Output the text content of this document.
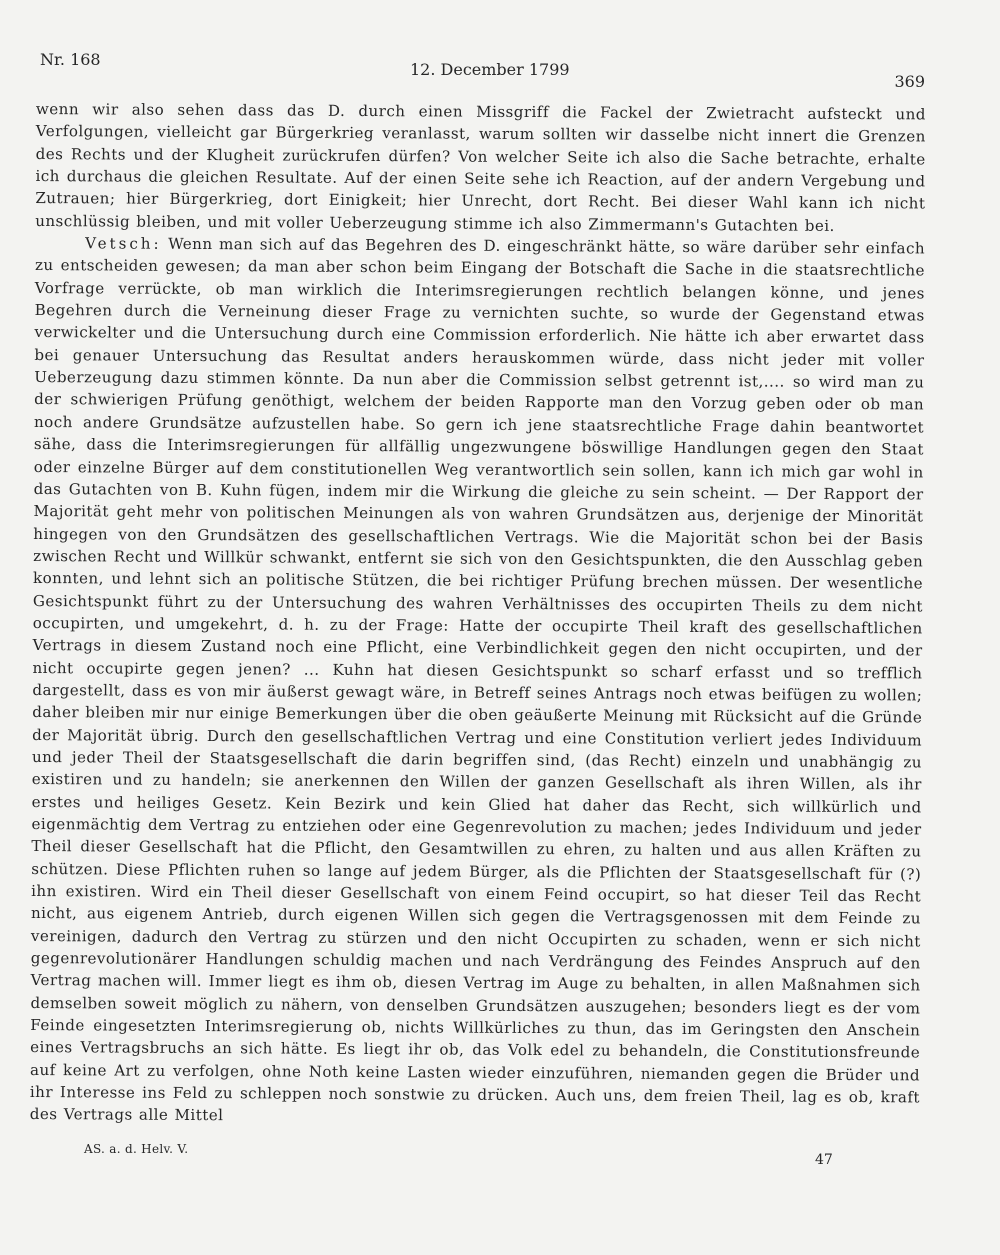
Nr. 168
12. December 1799
369

wenn wir also sehen dass das D. durch einen Missgriff die Fackel der Zwietracht aufsteckt und Verfolgungen, vielleicht gar Bürgerkrieg veranlasst, warum sollten wir dasselbe nicht innert die Grenzen des Rechts und der Klugheit zurückrufen dürfen? Von welcher Seite ich also die Sache betrachte, erhalte ich durchaus die gleichen Resultate. Auf der einen Seite sehe ich Reaction, auf der andern Vergebung und Zutrauen; hier Bürgerkrieg, dort Einigkeit; hier Unrecht, dort Recht. Bei dieser Wahl kann ich nicht unschlüssig bleiben, und mit voller Ueberzeugung stimme ich also Zimmermann's Gutachten bei.

Vetsch: Wenn man sich auf das Begehren des D. eingeschränkt hätte, so wäre darüber sehr einfach zu entscheiden gewesen; da man aber schon beim Eingang der Botschaft die Sache in die staatsrechtliche Vorfrage verrückte, ob man wirklich die Interimsregierungen rechtlich belangen könne, und jenes Begehren durch die Verneinung dieser Frage zu vernichten suchte, so wurde der Gegenstand etwas verwickelter und die Untersuchung durch eine Commission erforderlich. Nie hätte ich aber erwartet dass bei genauer Untersuchung das Resultat anders herauskommen würde, dass nicht jeder mit voller Ueberzeugung dazu stimmen könnte. Da nun aber die Commission selbst getrennt ist,.... so wird man zu der schwierigen Prüfung genöthigt, welchem der beiden Rapporte man den Vorzug geben oder ob man noch andere Grundsätze aufzustellen habe. So gern ich jene staatsrechtliche Frage dahin beantwortet sähe, dass die Interimsregierungen für allfällig ungezwungene böswillige Handlungen gegen den Staat oder einzelne Bürger auf dem constitutionellen Weg verantwortlich sein sollen, kann ich mich gar wohl in das Gutachten von B. Kuhn fügen, indem mir die Wirkung die gleiche zu sein scheint. — Der Rapport der Majorität geht mehr von politischen Meinungen als von wahren Grundsätzen aus, derjenige der Minorität hingegen von den Grundsätzen des gesellschaftlichen Vertrags. Wie die Majorität schon bei der Basis zwischen Recht und Willkür schwankt, entfernt sie sich von den Gesichtspunkten, die den Ausschlag geben konnten, und lehnt sich an politische Stützen, die bei richtiger Prüfung brechen müssen. Der wesentliche Gesichtspunkt führt zu der Untersuchung des wahren Verhältnisses des occupirten Theils zu dem nicht occupirten, und umgekehrt, d. h. zu der Frage: Hatte der occupirte Theil kraft des gesellschaftlichen Vertrags in diesem Zustand noch eine Pflicht, eine Verbindlichkeit gegen den nicht occupirten, und der nicht occupirte gegen jenen? ... Kuhn hat diesen Gesichtspunkt so scharf erfasst und so trefflich dargestellt, dass es von mir äußerst gewagt wäre, in Betreff seines Antrags noch etwas beifügen zu wollen; daher bleiben mir nur einige Bemerkungen über die oben geäußerte Meinung mit Rücksicht auf die Gründe der Majorität übrig. Durch den gesellschaftlichen Vertrag und eine Constitution verliert jedes Individuum und jeder Theil der Staatsgesellschaft die darin begriffen sind, (das Recht) einzeln und unabhängig zu existiren und zu handeln; sie anerkennen den Willen der ganzen Gesellschaft als ihren Willen, als ihr erstes und heiliges Gesetz. Kein Bezirk und kein Glied hat daher das Recht, sich willkürlich und eigenmächtig dem Vertrag zu entziehen oder eine Gegenrevolution zu machen; jedes Individuum und jeder Theil dieser Gesellschaft hat die Pflicht, den Gesamtwillen zu ehren, zu halten und aus allen Kräften zu schützen. Diese Pflichten ruhen so lange auf jedem Bürger, als die Pflichten der Staatsgesellschaft für (?) ihn existiren. Wird ein Theil dieser Gesellschaft von einem Feind occupirt, so hat dieser Teil das Recht nicht, aus eigenem Antrieb, durch eigenen Willen sich gegen die Vertragsgenossen mit dem Feinde zu vereinigen, dadurch den Vertrag zu stürzen und den nicht Occupirten zu schaden, wenn er sich nicht gegenrevolutionärer Handlungen schuldig machen und nach Verdrängung des Feindes Anspruch auf den Vertrag machen will. Immer liegt es ihm ob, diesen Vertrag im Auge zu behalten, in allen Maßnahmen sich demselben soweit möglich zu nähern, von denselben Grundsätzen auszugehen; besonders liegt es der vom Feinde eingesetzten Interimsregierung ob, nichts Willkürliches zu thun, das im Geringsten den Anschein eines Vertragsbruchs an sich hätte. Es liegt ihr ob, das Volk edel zu behandeln, die Constitutionsfreunde auf keine Art zu verfolgen, ohne Noth keine Lasten wieder einzuführen, niemanden gegen die Brüder und ihr Interesse ins Feld zu schleppen noch sonstwie zu drücken. Auch uns, dem freien Theil, lag es ob, kraft des Vertrags alle Mittel

AS. a. d. Helv. V.
47
